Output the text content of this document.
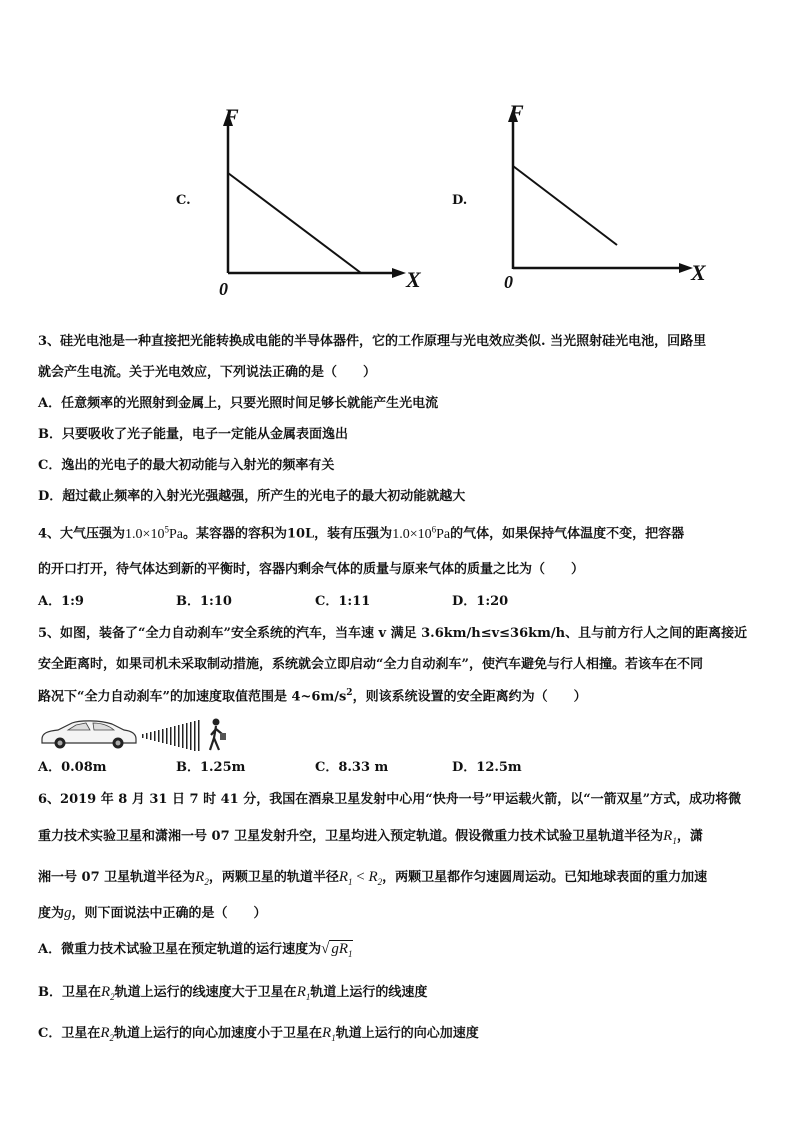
C.
F
X
0
D.
F
X
0
3、硅光电池是一种直接把光能转换成电能的半导体器件，它的工作原理与光电效应类似. 当光照射硅光电池，回路里
就会产生电流。关于光电效应，下列说法正确的是（　　）
A．任意频率的光照射到金属上，只要光照时间足够长就能产生光电流
B．只要吸收了光子能量，电子一定能从金属表面逸出
C．逸出的光电子的最大初动能与入射光的频率有关
D．超过截止频率的入射光光强越强，所产生的光电子的最大初动能就越大
4、大气压强为$1.0\times 10^5Pa$。某容器的容积为10L，装有压强为$1.0\times 10^6Pa$的气体，如果保持气体温度不变，把容器
的开口打开，待气体达到新的平衡时，容器内剩余气体的质量与原来气体的质量之比为（　　）
A．1:9	B．1:10	C．1:11	D．1:20
5、如图，装备了“全力自动刹车”安全系统的汽车，当车速 v 满足 3.6km/h≤v≤36km/h、且与前方行人之间的距离接近
安全距离时，如果司机未采取制动措施，系统就会立即启动“全力自动刹车”，使汽车避免与行人相撞。若该车在不同
路况下“全力自动刹车”的加速度取值范围是 $4\sim 6m/s^2$，则该系统设置的安全距离约为（　　）
A．0.08m	B．1.25m	C．8.33 m	D．12.5m
6、2019 年 8 月 31 日 7 时 41 分，我国在酒泉卫星发射中心用“快舟一号”甲运载火箭，以“一箭双星”方式，成功将微
重力技术实验卫星和潇湘一号 07 卫星发射升空，卫星均进入预定轨道。假设微重力技术试验卫星轨道半径为$R_1$，潇
湘一号 07 卫星轨道半径为$R_2$，两颗卫星的轨道半径$R_1 < R_2$，两颗卫星都作匀速圆周运动。已知地球表面的重力加速
度为g，则下面说法中正确的是（　　）
A．微重力技术试验卫星在预定轨道的运行速度为√ $gR_1$
B．卫星在$R_2$轨道上运行的线速度大于卫星在$R_1$轨道上运行的线速度
C．卫星在$R_2$轨道上运行的向心加速度小于卫星在$R_1$轨道上运行的向心加速度
